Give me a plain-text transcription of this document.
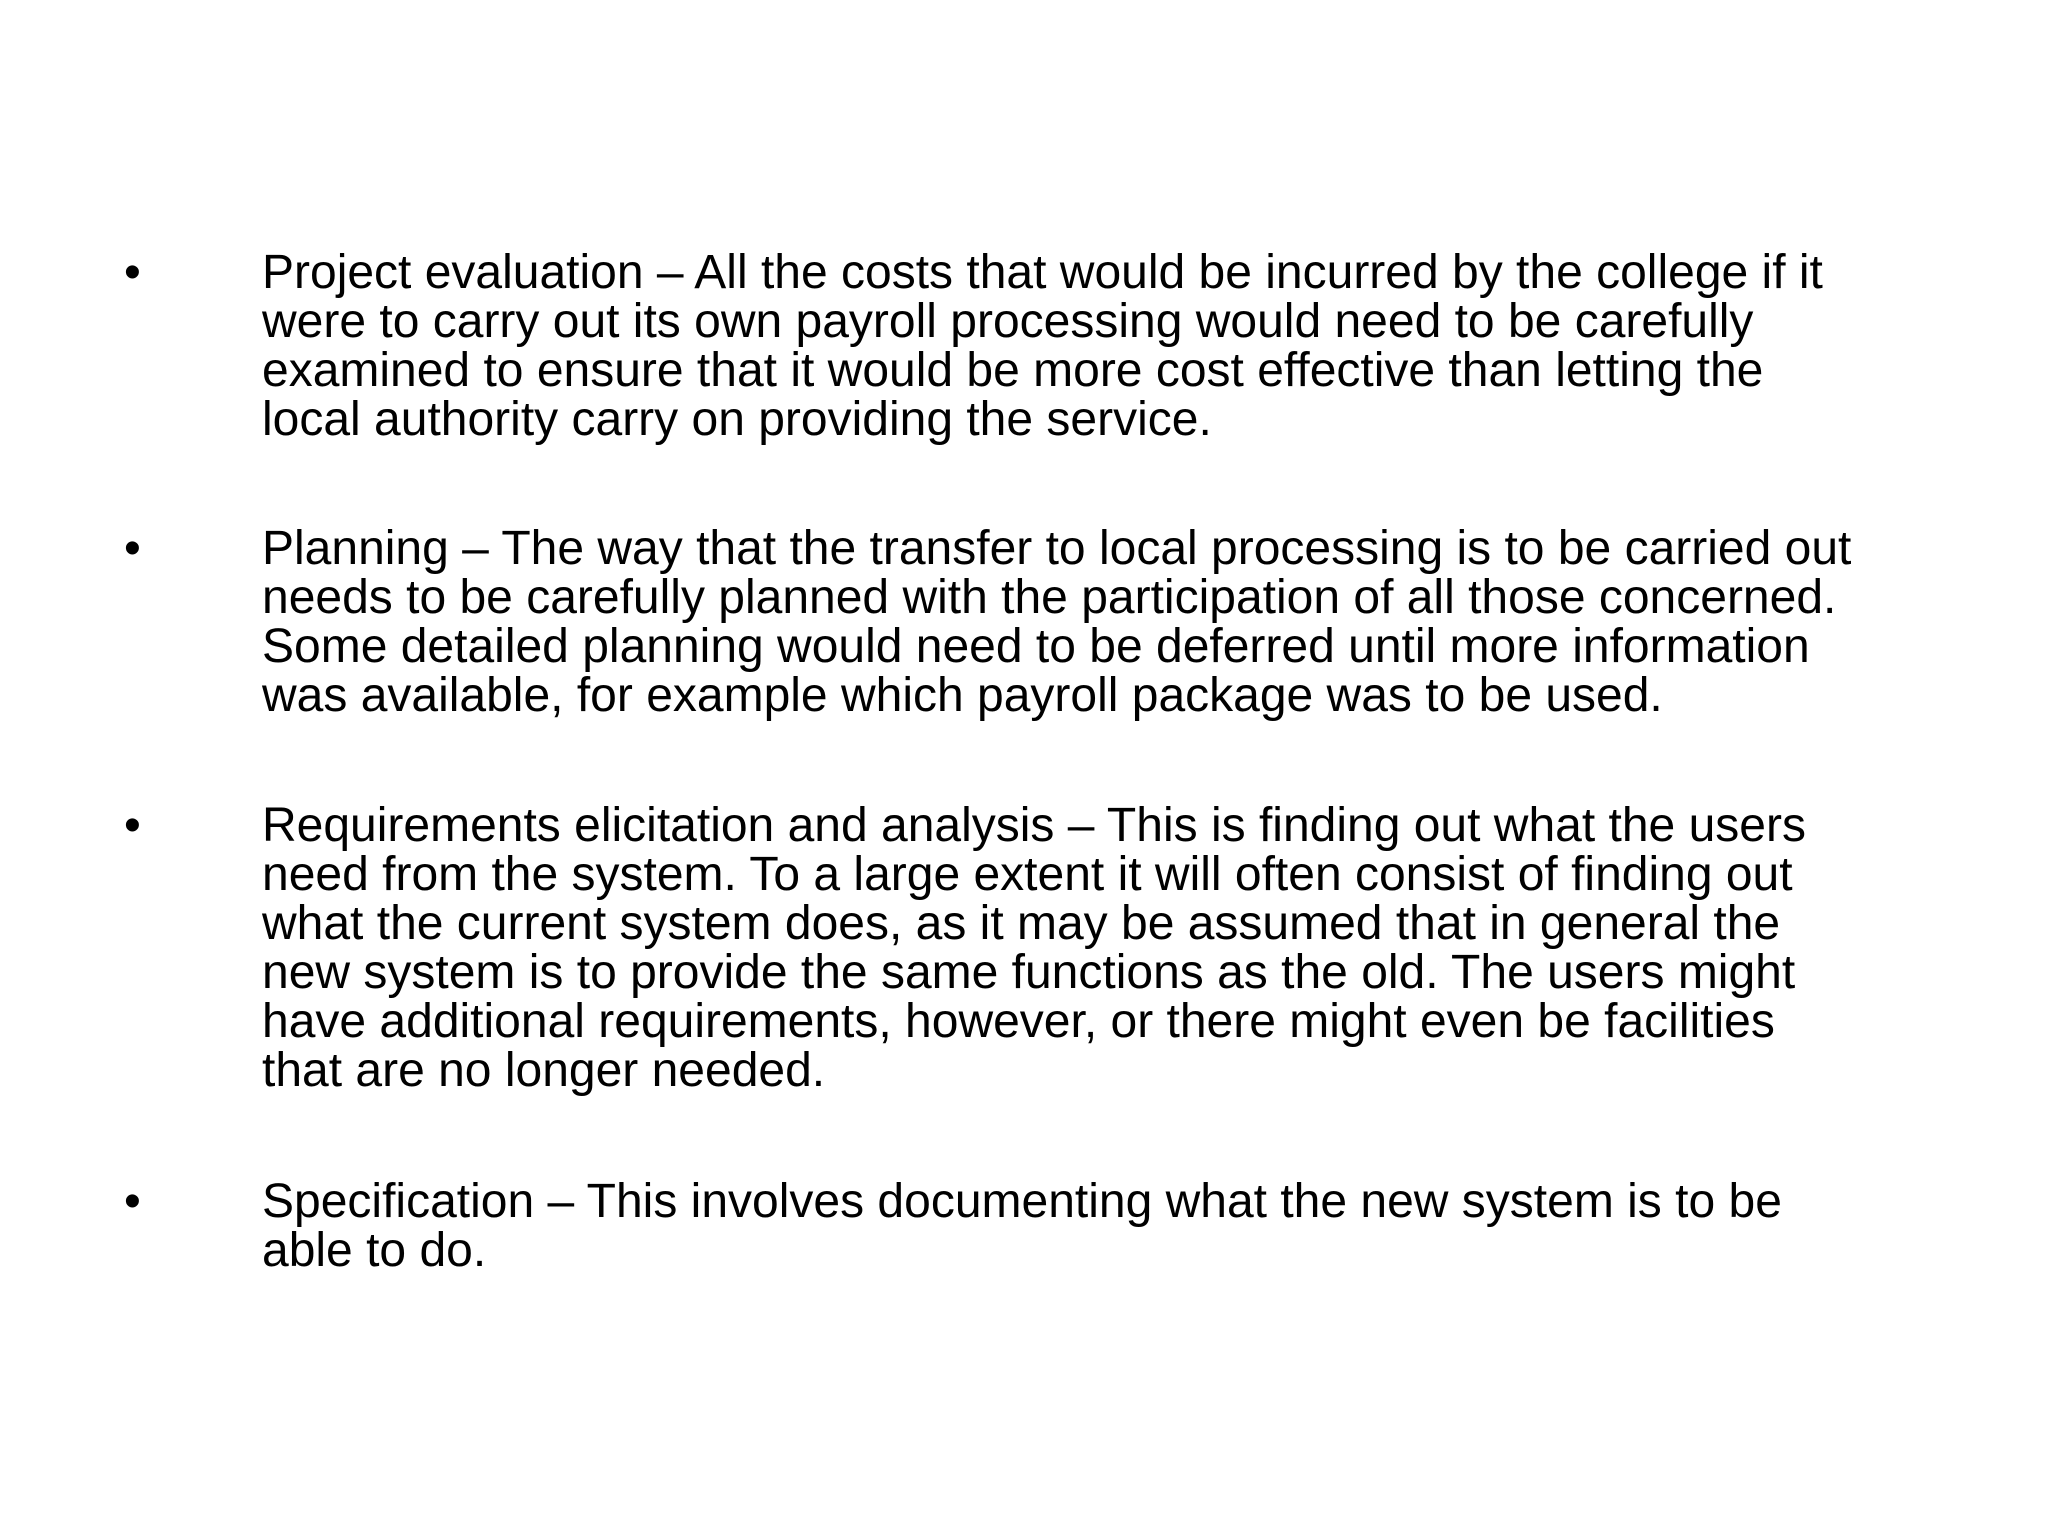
•	Project evaluation – All the costs that would be incurred by the college if it
were to carry out its own payroll processing would need to be carefully
examined to ensure that it would be more cost effective than letting the
local authority carry on providing the service.
•	Planning – The way that the transfer to local processing is to be carried out
needs to be carefully planned with the participation of all those concerned.
Some detailed planning would need to be deferred until more information
was available, for example which payroll package was to be used.
•	Requirements elicitation and analysis – This is finding out what the users
need from the system. To a large extent it will often consist of finding out
what the current system does, as it may be assumed that in general the
new system is to provide the same functions as the old. The users might
have additional requirements, however, or there might even be facilities
that are no longer needed.
•	Specification – This involves documenting what the new system is to be
able to do.
